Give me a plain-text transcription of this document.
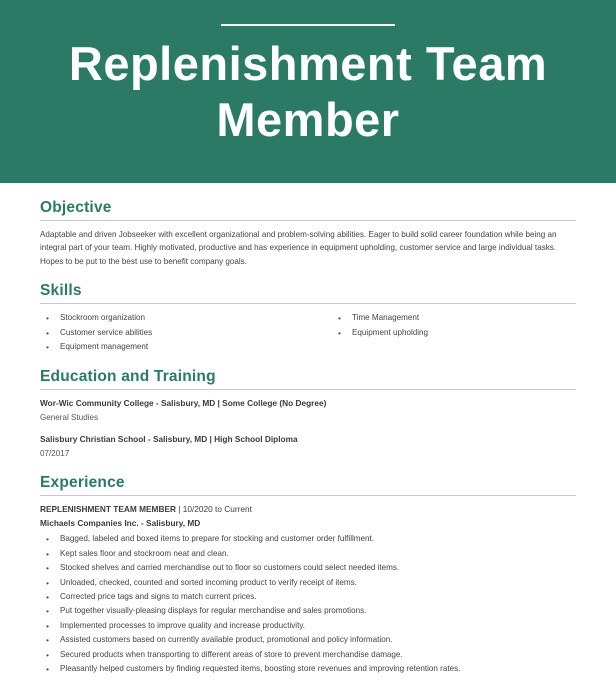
Replenishment Team Member
Objective

Adaptable and driven Jobseeker with excellent organizational and problem-solving abilities. Eager to build solid career foundation while being an integral part of your team. Highly motivated, productive and has experience in equipment upholding, customer service and large individual tasks. Hopes to be put to the best use to benefit company goals.

Skills
• Stockroom organization
• Customer service abilities
• Equipment management
• Time Management
• Equipment upholding
Education and Training

Wor-Wic Community College - Salisbury, MD | Some College (No Degree)

General Studies

Salisbury Christian School - Salisbury, MD | High School Diploma

07/2017

Experience

REPLENISHMENT TEAM MEMBER | 10/2020 to Current

Michaels Companies Inc. - Salisbury, MD

• Bagged, labeled and boxed items to prepare for stocking and customer order fulfillment.
• Kept sales floor and stockroom neat and clean.
• Stocked shelves and carried merchandise out to floor so customers could select needed items.
• Unloaded, checked, counted and sorted incoming product to verify receipt of items.
• Corrected price tags and signs to match current prices.
• Put together visually-pleasing displays for regular merchandise and sales promotions.
• Implemented processes to improve quality and increase productivity.
• Assisted customers based on currently available product, promotional and policy information.
• Secured products when transporting to different areas of store to prevent merchandise damage.
• Pleasantly helped customers by finding requested items, boosting store revenues and improving retention rates.
